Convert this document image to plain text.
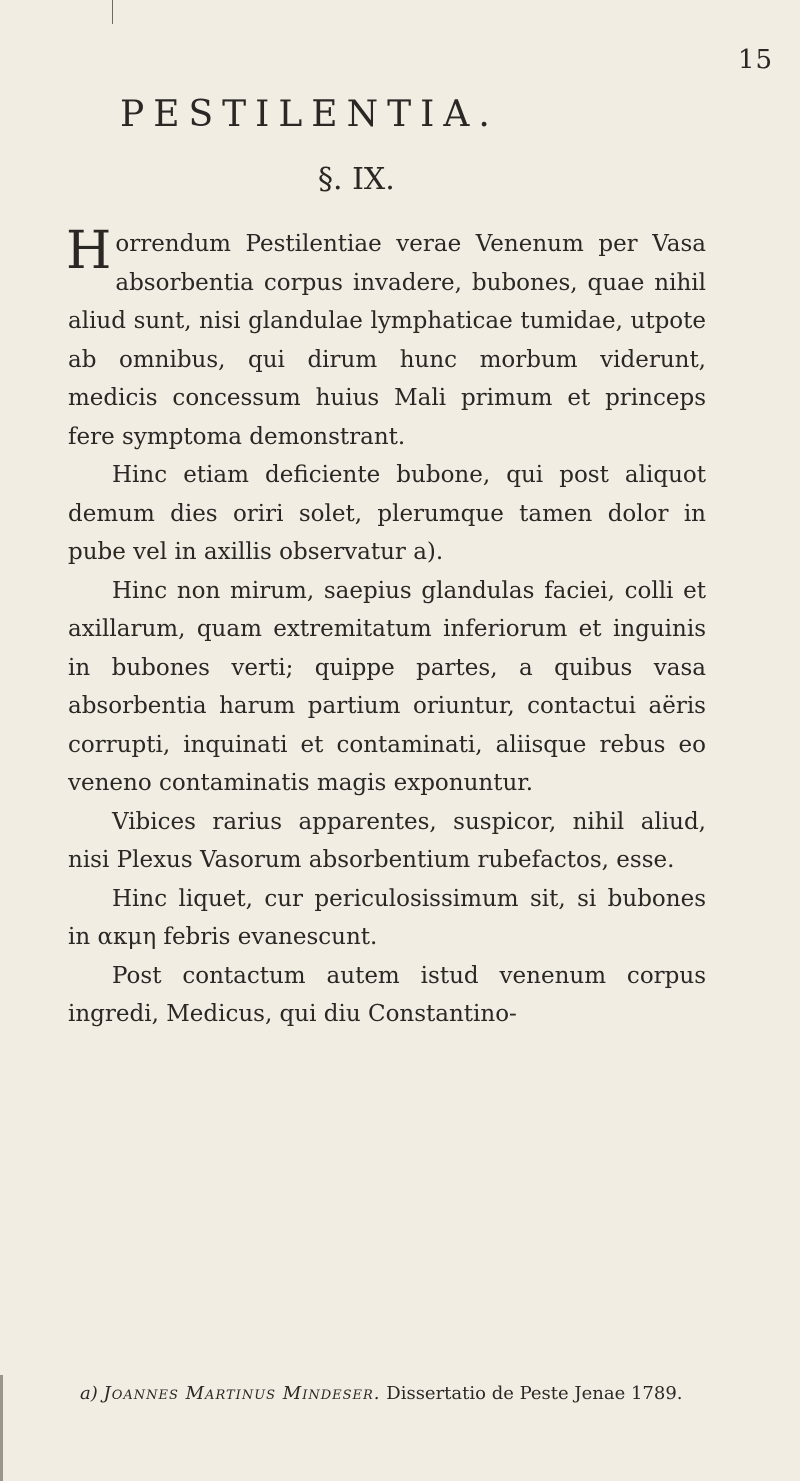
15
PESTILENTIA.
§. IX.

Horrendum Pestilentiae verae Venenum per Vasa absorbentia corpus invadere, bubones, quae nihil aliud sunt, nisi glandulae lymphaticae tumidae, utpote ab omnibus, qui dirum hunc morbum viderunt, medicis concessum huius Mali primum et princeps fere symptoma demonstrant.

Hinc etiam deficiente bubone, qui post aliquot demum dies oriri solet, plerumque tamen dolor in pube vel in axillis observatur a).

Hinc non mirum, saepius glandulas faciei, colli et axillarum, quam extremitatum inferiorum et inguinis in bubones verti; quippe partes, a quibus vasa absorbentia harum partium oriuntur, contactui aëris corrupti, inquinati et contaminati, aliisque rebus eo veneno contaminatis magis exponuntur.

Vibices rarius apparentes, suspicor, nihil aliud, nisi Plexus Vasorum absorbentium rubefactos, esse.

Hinc liquet, cur periculosissimum sit, si bubones in ακμη febris evanescunt.

Post contactum autem istud venenum corpus ingredi, Medicus, qui diu Constantino-

a) Joannes Martinus Mindeser. Dissertatio de Peste Jenae 1789.
